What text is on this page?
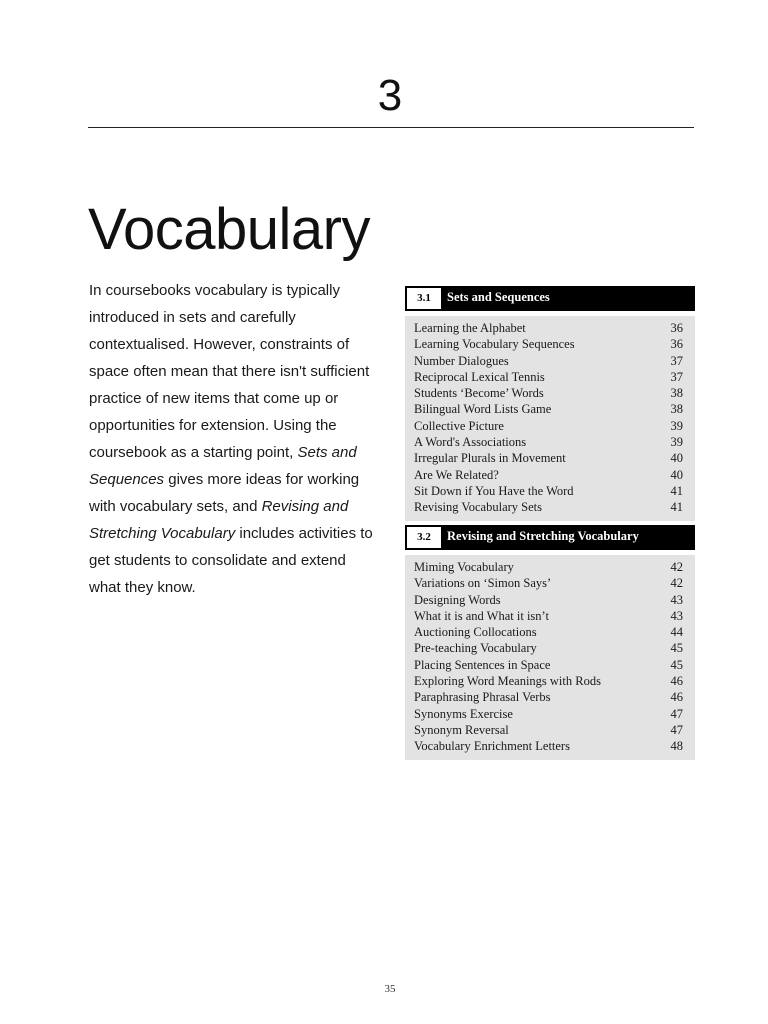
3
Vocabulary

In coursebooks vocabulary is typically introduced in sets and carefully contextualised. However, constraints of space often mean that there isn't sufficient practice of new items that come up or opportunities for extension. Using the coursebook as a starting point, Sets and Sequences gives more ideas for working with vocabulary sets, and Revising and Stretching Vocabulary includes activities to get students to consolidate and extend what they know.

3.1	Sets and Sequences
Learning the Alphabet	36
Learning Vocabulary Sequences	36
Number Dialogues	37
Reciprocal Lexical Tennis	37
Students ‘Become’ Words	38
Bilingual Word Lists Game	38
Collective Picture	39
A Word's Associations	39
Irregular Plurals in Movement	40
Are We Related?	40
Sit Down if You Have the Word	41
Revising Vocabulary Sets	41
3.2	Revising and Stretching Vocabulary
Miming Vocabulary	42
Variations on ‘Simon Says’	42
Designing Words	43
What it is and What it isn’t	43
Auctioning Collocations	44
Pre-teaching Vocabulary	45
Placing Sentences in Space	45
Exploring Word Meanings with Rods	46
Paraphrasing Phrasal Verbs	46
Synonyms Exercise	47
Synonym Reversal	47
Vocabulary Enrichment Letters	48
35
